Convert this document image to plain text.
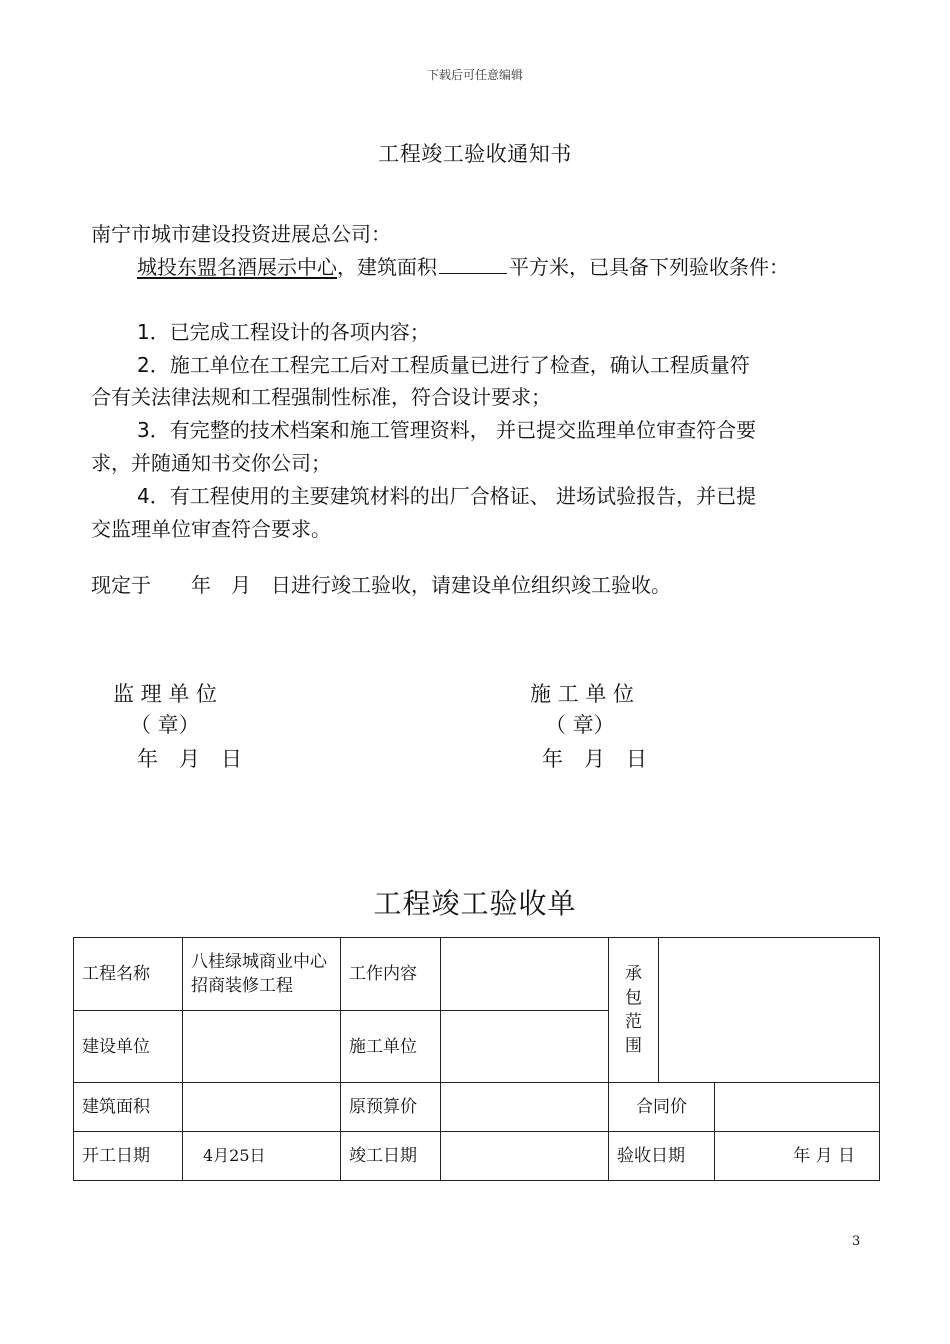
下载后可任意编辑
工程竣工验收通知书
南宁市城市建设投资进展总公司：
城投东盟名酒展示中心，建筑面积	平方米，已具备下列验收条件：
1．已完成工程设计的各项内容；
2．施工单位在工程完工后对工程质量已进行了检查，确认工程质量符
合有关法律法规和工程强制性标准，符合设计要求；
3．有完整的技术档案和施工管理资料， 并已提交监理单位审查符合要
求，并随通知书交你公司；
4．有工程使用的主要建筑材料的出厂合格证、 进场试验报告，并已提
交监理单位审查符合要求。
现定于　　年　月　日进行竣工验收，请建设单位组织竣工验收。
监 理 单 位
（ 章）
年　月　日
施 工 单 位
（ 章）
年　月　日
工程竣工验收单
工程名称	八桂绿城商业中心招商装修工程	工作内容		承包范围		

建设单位		施工单位				
建筑面积		原预算价		合同价		
开工日期	4月25日	竣工日期		验收日期		年 月 日
3
